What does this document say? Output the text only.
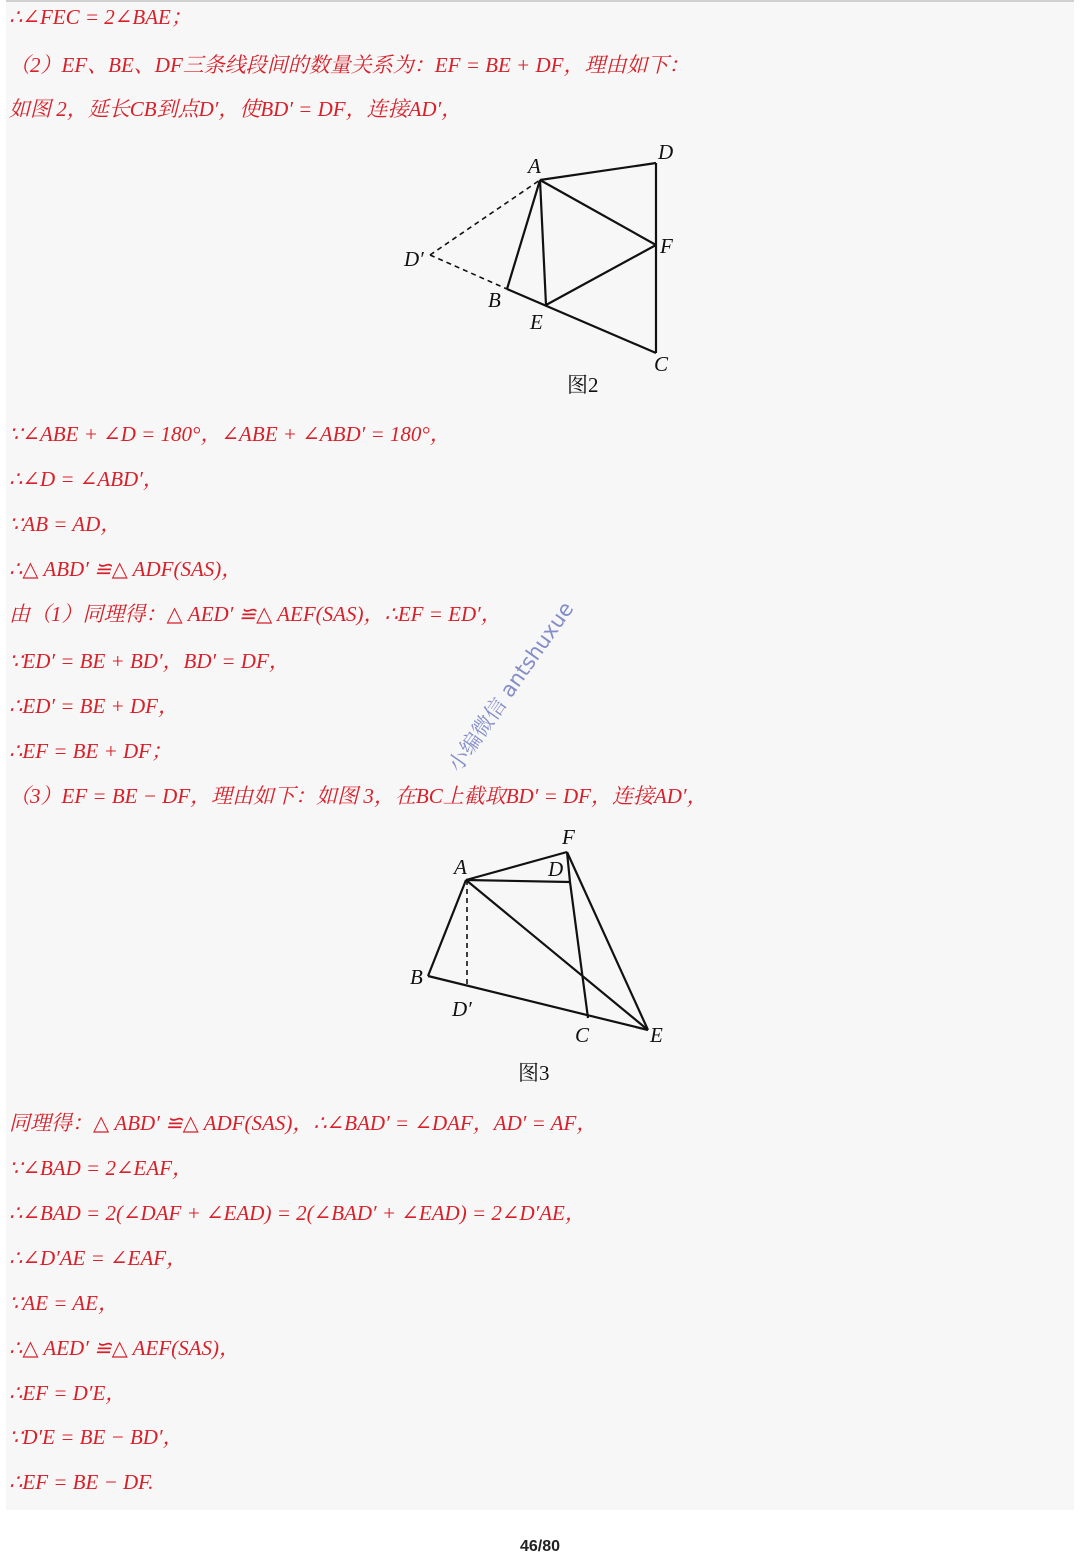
∴∠FEC = 2∠BAE；
（2）EF、BE、DF三条线段间的数量关系为：EF = BE + DF，理由如下：
如图 2，延长CB到点D′，使BD′ = DF，连接AD′，
A
D
D′
F
B
E
C
图2
∵∠ABE + ∠D = 180°，∠ABE + ∠ABD′ = 180°，
∴∠D = ∠ABD′，
∵AB = AD，
∴△ ABD′ ≌△ ADF(SAS)，
由（1）同理得：△ AED′ ≌△ AEF(SAS)，∴EF = ED′，
∵ED′ = BE + BD′，BD′ = DF，
∴ED′ = BE + DF，
∴EF = BE + DF；
（3）EF = BE − DF，理由如下：如图 3，在BC上截取BD′ = DF，连接AD′，
F
A	D
B
D′
C	E
图3
小编微信 antshuxue
同理得：△ ABD′ ≌△ ADF(SAS)，∴∠BAD′ = ∠DAF，AD′ = AF，
∵∠BAD = 2∠EAF，
∴∠BAD = 2(∠DAF + ∠EAD) = 2(∠BAD′ + ∠EAD) = 2∠D′AE，
∴∠D′AE = ∠EAF，
∵AE = AE，
∴△ AED′ ≌△ AEF(SAS)，
∴EF = D′E，
∵D′E = BE − BD′，
∴EF = BE − DF.
46/80
